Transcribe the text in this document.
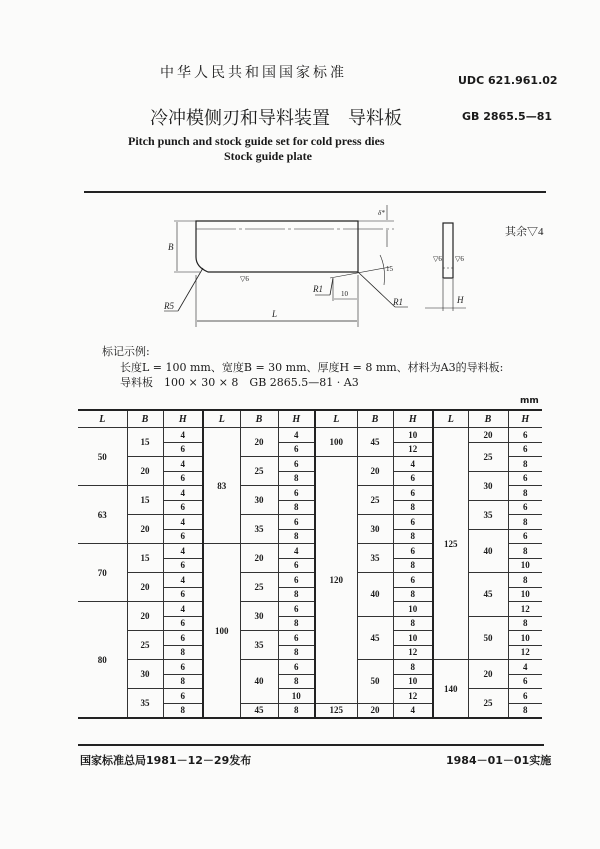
中华人民共和国国家标准	UDC 621.961.02
冷冲模侧刃和导料装置　导料板	GB 2865.5—81
Pitch punch and stock guide set for cold press dies
Stock guide plate
B
δ*
L
R5
R1
R1
10
15
▽6
▽6 ▽6
H
其余▽4
标记示例:
长度L = 100 mm、宽度B = 30 mm、厚度H = 8 mm、材料为A3的导料板:
导料板　100 × 30 × 8　GB 2865.5—81 · A3
mm
L	B	H	L	B	H	L	B	H	L	B	H
50	15	4	83	20	4	100	45	10	125	20	6
		6			6			12		25	6
	20	4		25	6	120	20	4			8
		6			8			6		30	6
63	15	4		30	6		25	6			8
		6			8			8		35	6
	20	4		35	6		30	6			8
		6			8			8		40	6
70	15	4	100	20	4		35	6			8
		6			6			8			10
	20	4		25	6		40	6		45	8
		6			8			8			10
80	20	4		30	6			10			12
		6			8		45	8		50	8
	25	6		35	6			10			10
		8			8			12			12
	30	6		40	6		50	8	140	20	4
		8			8			10			6
	35	6			10			12		25	6
		8		45	8	125	20	4			8
国家标准总局1981－12－29发布	1984－01－01实施
